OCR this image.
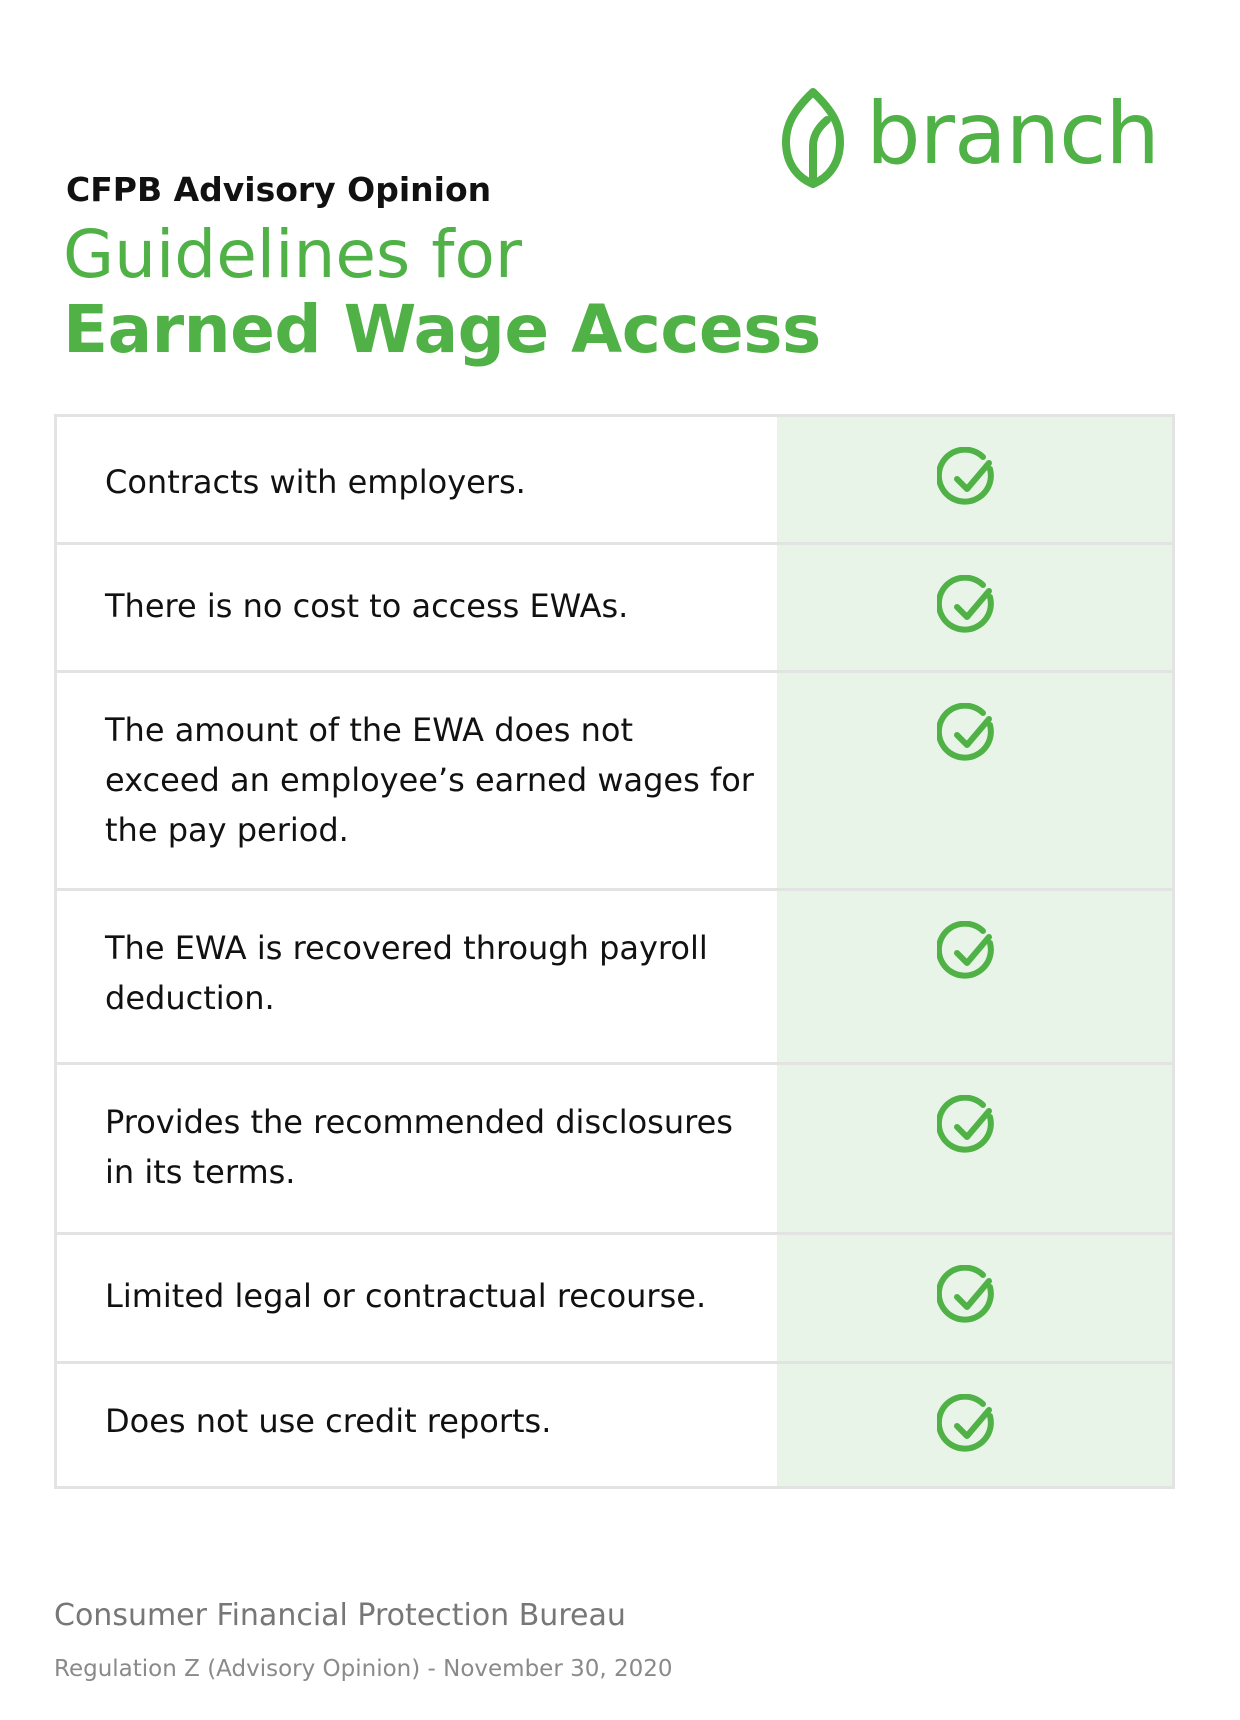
branch
CFPB Advisory Opinion
Guidelines for
Earned Wage Access
Contracts with employers.
There is no cost to access EWAs.
The amount of the EWA does not exceed an employee’s earned wages for the pay period.
The EWA is recovered through payroll deduction.
Provides the recommended disclosures in its terms.
Limited legal or contractual recourse.
Does not use credit reports.
Consumer Financial Protection Bureau
Regulation Z (Advisory Opinion) - November 30, 2020
